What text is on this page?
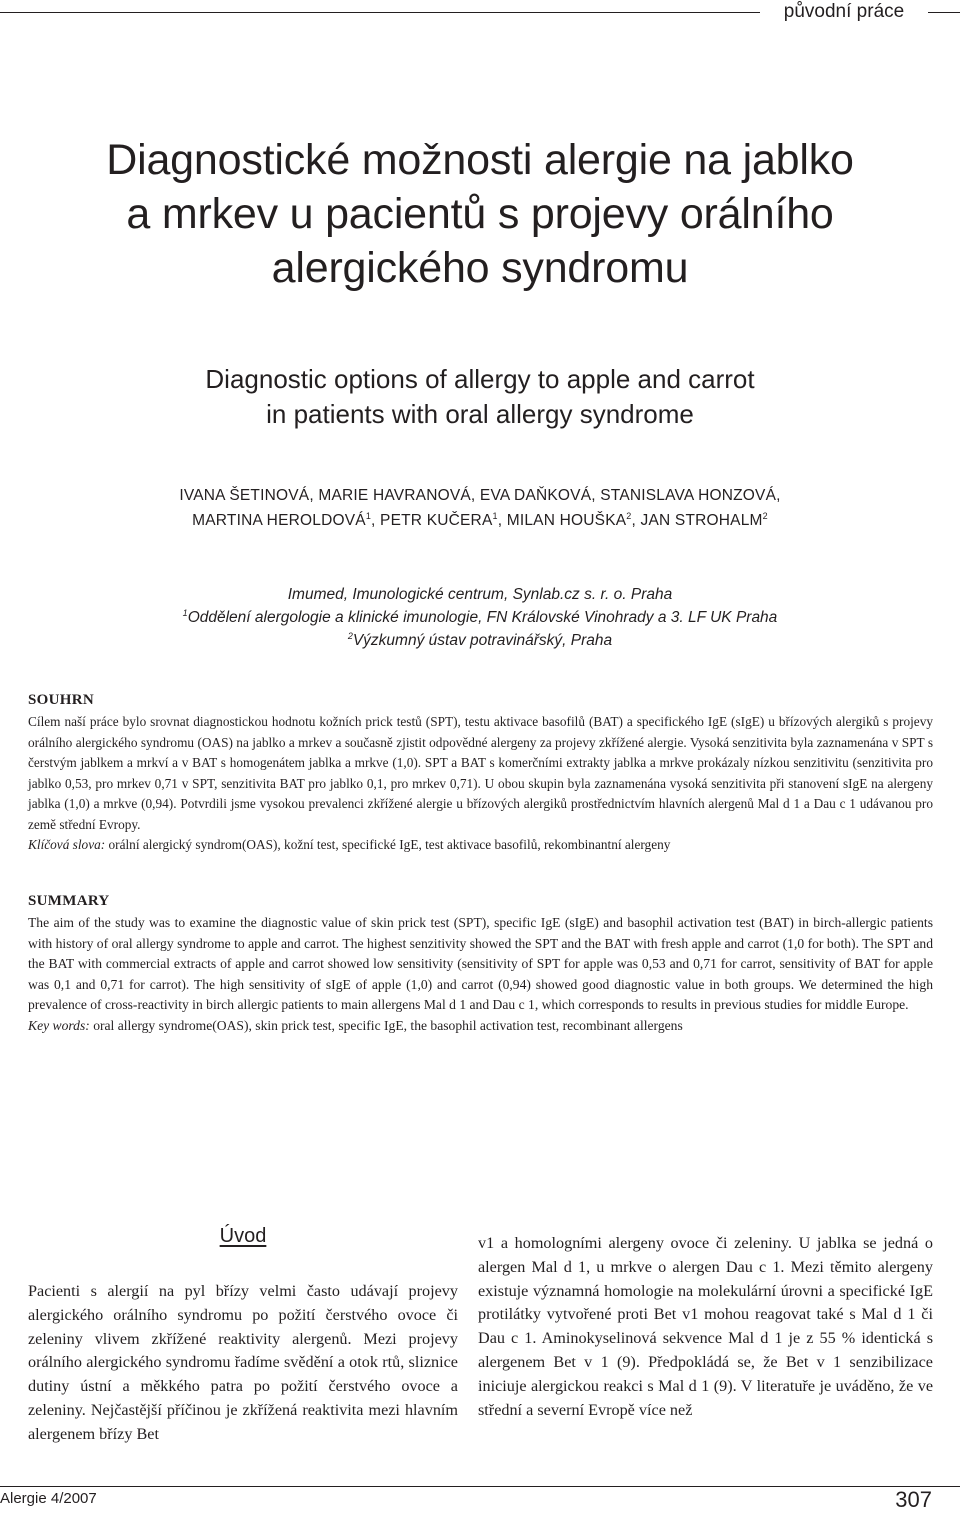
původní práce
Diagnostické možnosti alergie na jablko
a mrkev u pacientů s projevy orálního
alergického syndromu
Diagnostic options of allergy to apple and carrot
in patients with oral allergy syndrome
IVANA ŠETINOVÁ, MARIE HAVRANOVÁ, EVA DAŇKOVÁ, STANISLAVA HONZOVÁ,
MARTINA HEROLDOVÁ$^1$, PETR KUČERA$^1$, MILAN HOUŠKA$^2$, JAN STROHALM$^2$
Imumed, Imunologické centrum, Synlab.cz s. r. o. Praha
$^1$Oddělení alergologie a klinické imunologie, FN Královské Vinohrady a 3. LF UK Praha
$^2$Výzkumný ústav potravinářský, Praha
SOUHRN

Cílem naší práce bylo srovnat diagnostickou hodnotu kožních prick testů (SPT), testu aktivace basofilů (BAT) a specifického IgE (sIgE) u břízových alergiků s projevy orálního alergického syndromu (OAS) na jablko a mrkev a současně zjistit odpovědné alergeny za projevy zkřížené alergie. Vysoká senzitivita byla zaznamenána v SPT s čerstvým jablkem a mrkví a v BAT s homogenátem jablka a mrkve (1,0). SPT a BAT s komerčními extrakty jablka a mrkve prokázaly nízkou senzitivitu (senzitivita pro jablko 0,53, pro mrkev 0,71 v SPT, senzitivita BAT pro jablko 0,1, pro mrkev 0,71). U obou skupin byla zaznamenána vysoká senzitivita při stanovení sIgE na alergeny jablka (1,0) a mrkve (0,94). Potvrdili jsme vysokou prevalenci zkřížené alergie u břízových alergiků prostřednictvím hlavních alergenů Mal d 1 a Dau c 1 udávanou pro země střední Evropy.

Klíčová slova: orální alergický syndrom(OAS), kožní test, specifické IgE, test aktivace basofilů, rekombinantní alergeny

SUMMARY

The aim of the study was to examine the diagnostic value of skin prick test (SPT), specific IgE (sIgE) and basophil activation test (BAT) in birch-allergic patients with history of oral allergy syndrome to apple and carrot. The highest senzitivity showed the SPT and the BAT with fresh apple and carrot (1,0 for both). The SPT and the BAT with commercial extracts of apple and carrot showed low sensitivity (sensitivity of SPT for apple was 0,53 and 0,71 for carrot, sensitivity of BAT for apple was 0,1 and 0,71 for carrot). The high sensitivity of sIgE of apple (1,0) and carrot (0,94) showed good diagnostic value in both groups. We determined the high prevalence of cross-reactivity in birch allergic patients to main allergens Mal d 1 and Dau c 1, which corresponds to results in previous studies for middle Europe.

Key words: oral allergy syndrome(OAS), skin prick test, specific IgE, the basophil activation test, recombinant allergens

Úvod

Pacienti s alergií na pyl břízy velmi často udávají projevy alergického orálního syndromu po požití čerstvého ovoce či zeleniny vlivem zkřížené reaktivity alergenů. Mezi projevy orálního alergického syndromu řadíme svědění a otok rtů, sliznice dutiny ústní a měkkého patra po požití čerstvého ovoce a zeleniny. Nejčastější příčinou je zkřížená reaktivita mezi hlavním alergenem břízy Bet

v1 a homologními alergeny ovoce či zeleniny. U jablka se jedná o alergen Mal d 1, u mrkve o alergen Dau c 1. Mezi těmito alergeny existuje významná homologie na molekulární úrovni a specifické IgE protilátky vytvořené proti Bet v1 mohou reagovat také s Mal d 1 či Dau c 1. Aminokyselinová sekvence Mal d 1 je z 55 % identická s alergenem Bet v 1 (9). Předpokládá se, že Bet v 1 senzibilizace iniciuje alergickou reakci s Mal d 1 (9). V literatuře je uváděno, že ve střední a severní Evropě více než

Alergie 4/2007	307
